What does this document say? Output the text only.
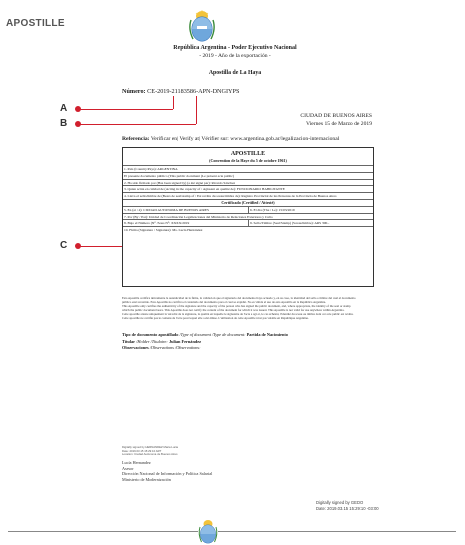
APOSTILLE
República Argentina - Poder Ejecutivo Nacional
- 2019 - Año de la exportación -
Apostilla de La Haya
Número: CE-2019-21183586-APN-DNGIYPS
CIUDAD DE BUENOS AIRES
Viernes 15 de Marzo de 2019
Referencia: Verificar en| Verify at| Vérifier sur: www.argentina.gob.ar/legalizacion-internacional
APOSTILLE
(Convention de la Haye du 5 de octobre 1961)
1. País (Country/Pays): ARGENTINA
El presente documento público (This public document (Le présent acte public)
2. Ha sido firmado por (Has been signed by) (a été signé par): Ricardo Sánchez
3. Quien actúa en calidad de (Acting in the capacity of / Agissant en qualité de): FUNCIONARIO HABILITANTE
4. Lleva el sello/timbre de (Bears de seal/stamp of / Est revêtu du sceau/timbre de): Registro Provincial de las Personas de la Provincia de Buenos Aires
Certificado (Certified / Attesté)
5. En (at / à): CIUDAD AUTONOMA DE BUENOS AIRES	6. El día (The / Le): 15/03/2019
7. Por (By / Par): Unidad de Coordinación Legalizaciones del Ministerio de Relaciones Exteriores y Culto
8. Bajo el Número (N° /Sous N°: XXXX/2019	9. Sello/Timbre (Seal/Stamp) (Sceau/timbre): ARS 300.-
10. Firma (Signature / Signature): Ms. Lucía Hernández
Esta Apostilla certifica únicamente la autenticidad de la firma, la calidad en que el signatario del documento haya actuado y, en su caso, la identidad del sello o timbre del cual el documento
público esté revestido. Esta Apostilla no certifica el contenido del documento para el cual se expidió. No es válida el uso de esta Apostilla en la República Argentina.
This Apostille only certifies the authenticity of the signature and the capacity of the person who has signed the public document, and, where appropriate, the identity of the seal or stamp
which the public document bears. This Apostille does not certify the content of the document for which it was issued. This Apostille is not valid for use anywhere within Argentina.
Cette apostille atteste uniquement la véracité de la signature, la qualité en laquelle le signataire de l'acte a agi et, le cas échéant, l'identité du sceau ou timbre dont cet acte public est revêtu.
Cette apostille ne certifie pas le contenu de l'acte pour lequel elle a été émise. L'utilisation de cette Apostille n'est pas valable en République Argentine.
Tipo de documento apostillado /Type of document /Type de document: Partida de Nacimiento
Titular /Holder /Titulaire: Julian Fernández
Observaciones /Observations /Observations:
Digitally signed by HERNANDEZ Maria Lucia
Date: 2019.03.15 15:29:10 ART
Location: Ciudad Autónoma de Buenos Aires
Lucía Hernandez
Asesor
Dirección Nacional de Información y Política Salarial
Ministerio de Modernización
Digitally signed by GEDO
Date: 2019.03.15 15:29:10 -03:00
A
B
C
